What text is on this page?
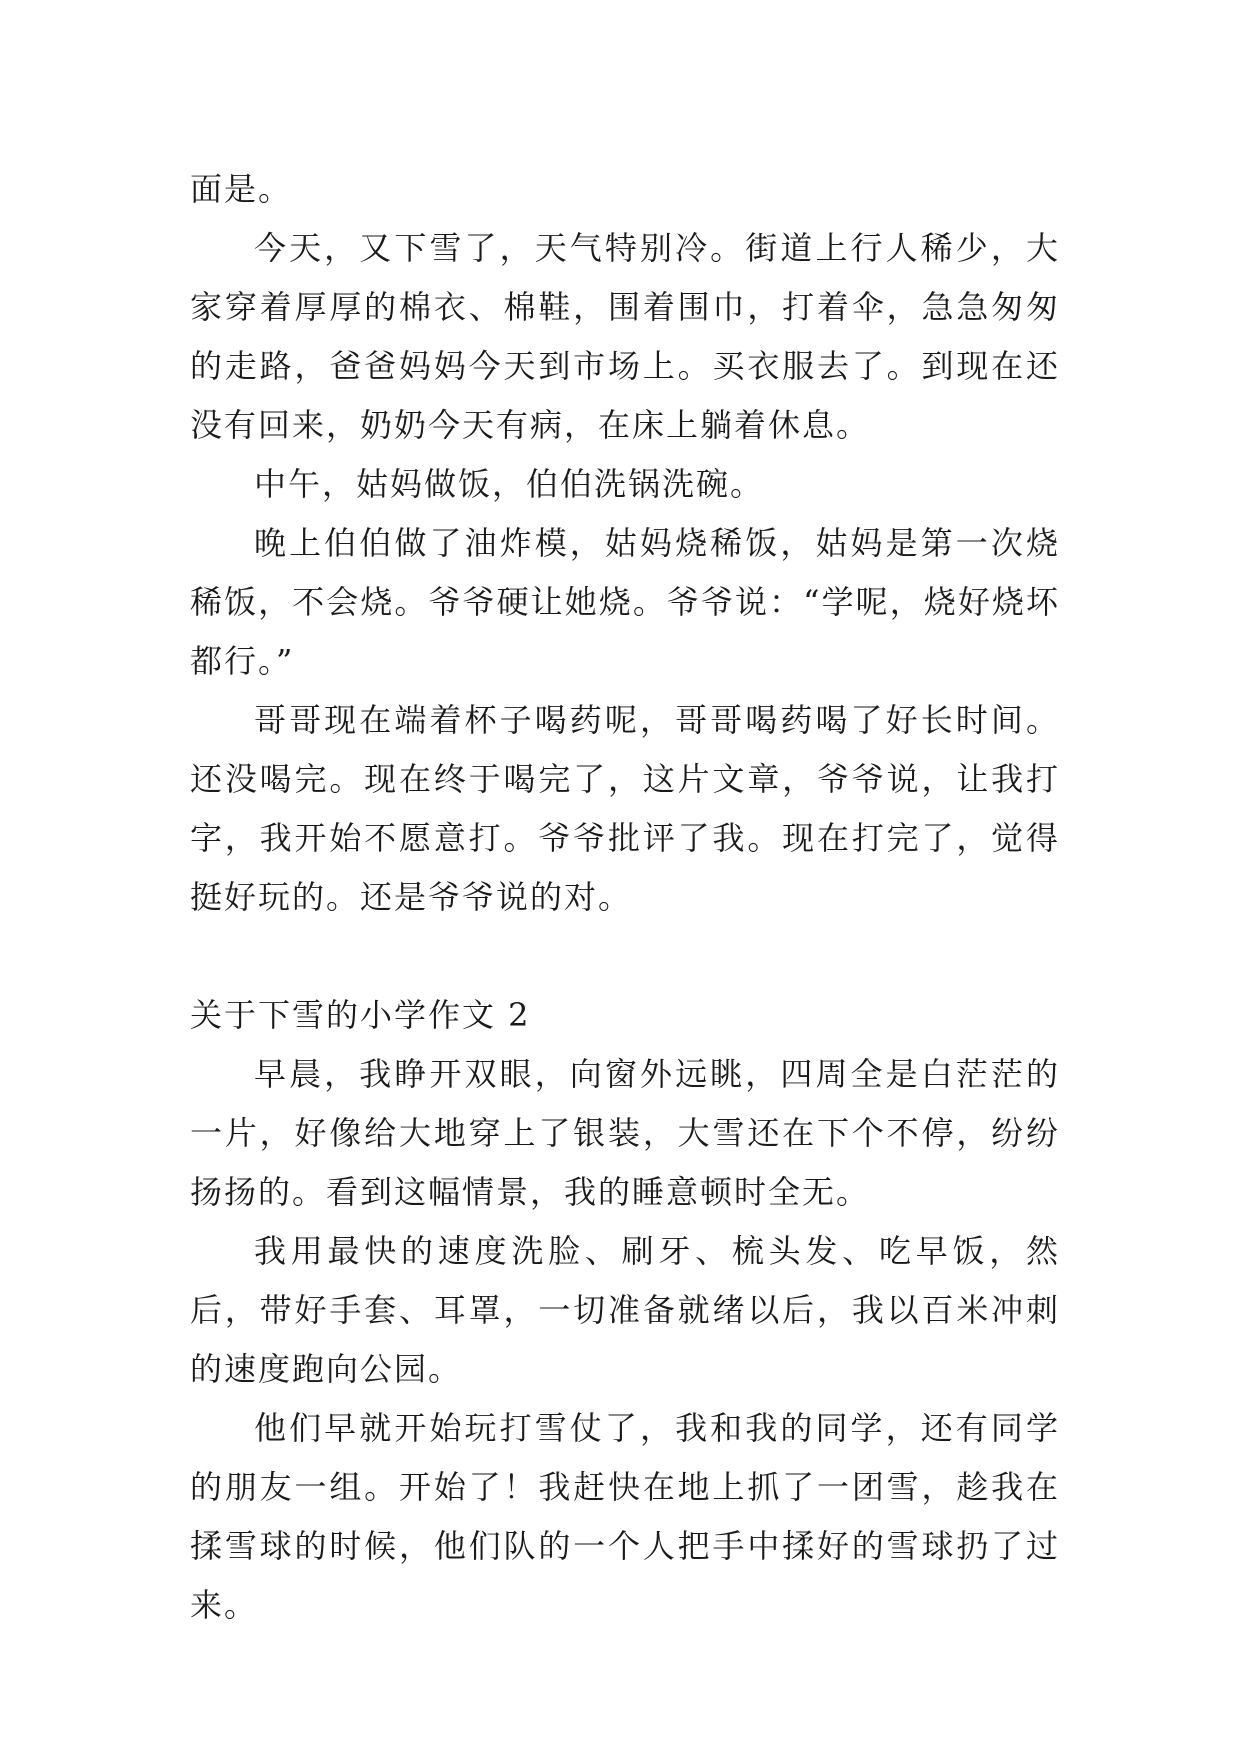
面是。

今天，又下雪了，天气特别冷。街道上行人稀少，大家穿着厚厚的棉衣、棉鞋，围着围巾，打着伞，急急匆匆的走路，爸爸妈妈今天到市场上。买衣服去了。到现在还没有回来，奶奶今天有病，在床上躺着休息。

中午，姑妈做饭，伯伯洗锅洗碗。

晚上伯伯做了油炸模，姑妈烧稀饭，姑妈是第一次烧稀饭，不会烧。爷爷硬让她烧。爷爷说：“学呢，烧好烧坏都行。”

哥哥现在端着杯子喝药呢，哥哥喝药喝了好长时间。还没喝完。现在终于喝完了，这片文章，爷爷说，让我打字，我开始不愿意打。爷爷批评了我。现在打完了，觉得挺好玩的。还是爷爷说的对。

关于下雪的小学作文 2

早晨，我睁开双眼，向窗外远眺，四周全是白茫茫的一片，好像给大地穿上了银装，大雪还在下个不停，纷纷扬扬的。看到这幅情景，我的睡意顿时全无。

我用最快的速度洗脸、刷牙、梳头发、吃早饭，然后，带好手套、耳罩，一切准备就绪以后，我以百米冲刺的速度跑向公园。

他们早就开始玩打雪仗了，我和我的同学，还有同学的朋友一组。开始了！我赶快在地上抓了一团雪，趁我在揉雪球的时候，他们队的一个人把手中揉好的雪球扔了过来。
